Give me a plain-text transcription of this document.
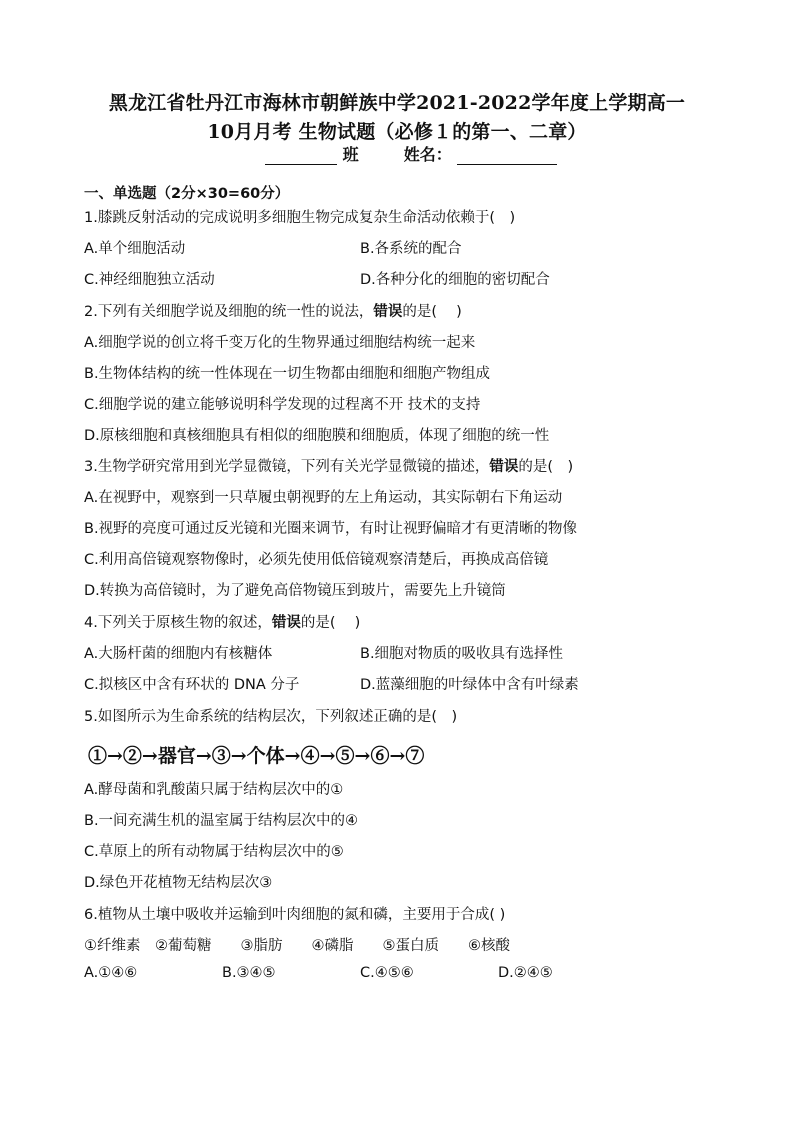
黑龙江省牡丹江市海林市朝鲜族中学2021-2022学年度上学期高一
10月月考 生物试题（必修１的第一、二章）
班	姓名：
一、单选题（2分×30=60分）
1.膝跳反射活动的完成说明多细胞生物完成复杂生命活动依赖于(　)
A.单个细胞活动	B.各系统的配合
C.神经细胞独立活动	D.各种分化的细胞的密切配合
2.下列有关细胞学说及细胞的统一性的说法，错误的是(　 )
A.细胞学说的创立将千变万化的生物界通过细胞结构统一起来
B.生物体结构的统一性体现在一切生物都由细胞和细胞产物组成
C.细胞学说的建立能够说明科学发现的过程离不开 技术的支持
D.原核细胞和真核细胞具有相似的细胞膜和细胞质，体现了细胞的统一性
3.生物学研究常用到光学显微镜，下列有关光学显微镜的描述，错误的是(　)
A.在视野中，观察到一只草履虫朝视野的左上角运动，其实际朝右下角运动
B.视野的亮度可通过反光镜和光圈来调节，有时让视野偏暗才有更清晰的物像
C.利用高倍镜观察物像时，必须先使用低倍镜观察清楚后，再换成高倍镜
D.转换为高倍镜时，为了避免高倍物镜压到玻片，需要先上升镜筒
4.下列关于原核生物的叙述，错误的是(　 )
A.大肠杆菌的细胞内有核糖体	B.细胞对物质的吸收具有选择性
C.拟核区中含有环状的 DNA 分子	D.蓝藻细胞的叶绿体中含有叶绿素
5.如图所示为生命系统的结构层次，下列叙述正确的是(　)
①→②→器官→③→个体→④→⑤→⑥→⑦
A.酵母菌和乳酸菌只属于结构层次中的①
B.一间充满生机的温室属于结构层次中的④
C.草原上的所有动物属于结构层次中的⑤
D.绿色开花植物无结构层次③
6.植物从土壤中吸收并运输到叶肉细胞的氮和磷，主要用于合成( )
①纤维素　②葡萄糖　　③脂肪　　④磷脂　　⑤蛋白质　　⑥核酸
A.①④⑥	B.③④⑤	C.④⑤⑥	D.②④⑤
